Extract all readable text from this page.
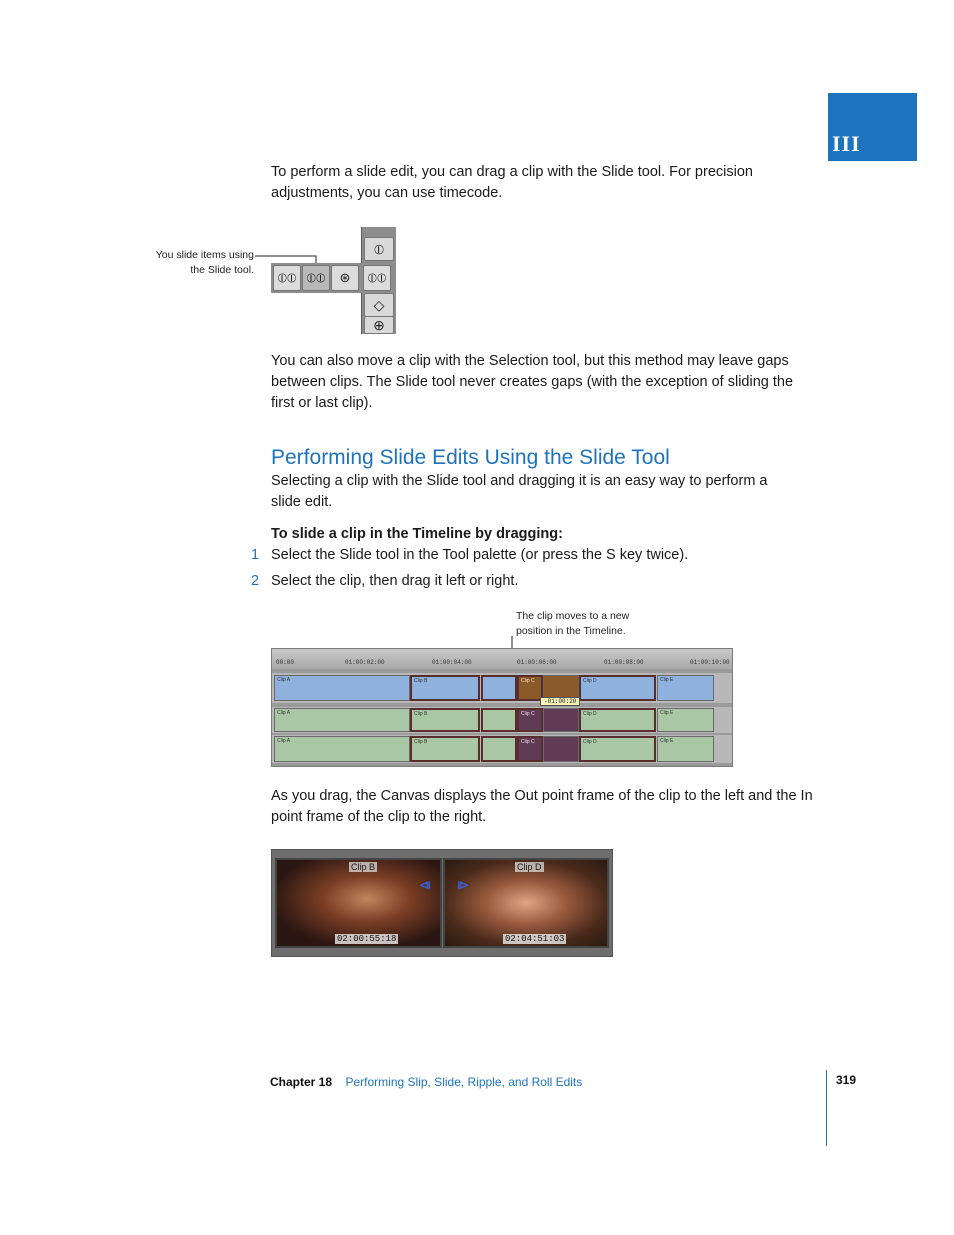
III
To perform a slide edit, you can drag a clip with the Slide tool. For precision adjustments, you can use timecode.
You slide items using the Slide tool.
⦶
◇
⊕
⦶⦶ ⦶⦶	⊛	⦶⦶
You can also move a clip with the Selection tool, but this method may leave gaps between clips. The Slide tool never creates gaps (with the exception of sliding the first or last clip).
Performing Slide Edits Using the Slide Tool
Selecting a clip with the Slide tool and dragging it is an easy way to perform a slide edit.
To slide a clip in the Timeline by dragging:
1 Select the Slide tool in the Tool palette (or press the S key twice).
2 Select the clip, then drag it left or right.
The clip moves to a new position in the Timeline.
00:00	01:00:02:00	01:00:04:00	01:00:06:00	01:00:08:00	01:00:10:00
Clip A	Clip B	Clip C	Clip D	Clip E
-01:00:20
Clip A	Clip B	Clip C	Clip D	Clip E
Clip A	Clip B	Clip C	Clip D	Clip E
As you drag, the Canvas displays the Out point frame of the clip to the left and the In point frame of the clip to the right.
Clip B
⧏
02:00:55:18
Clip D
⧐
02:04:51:03
Chapter 18 Performing Slip, Slide, Ripple, and Roll Edits	319
